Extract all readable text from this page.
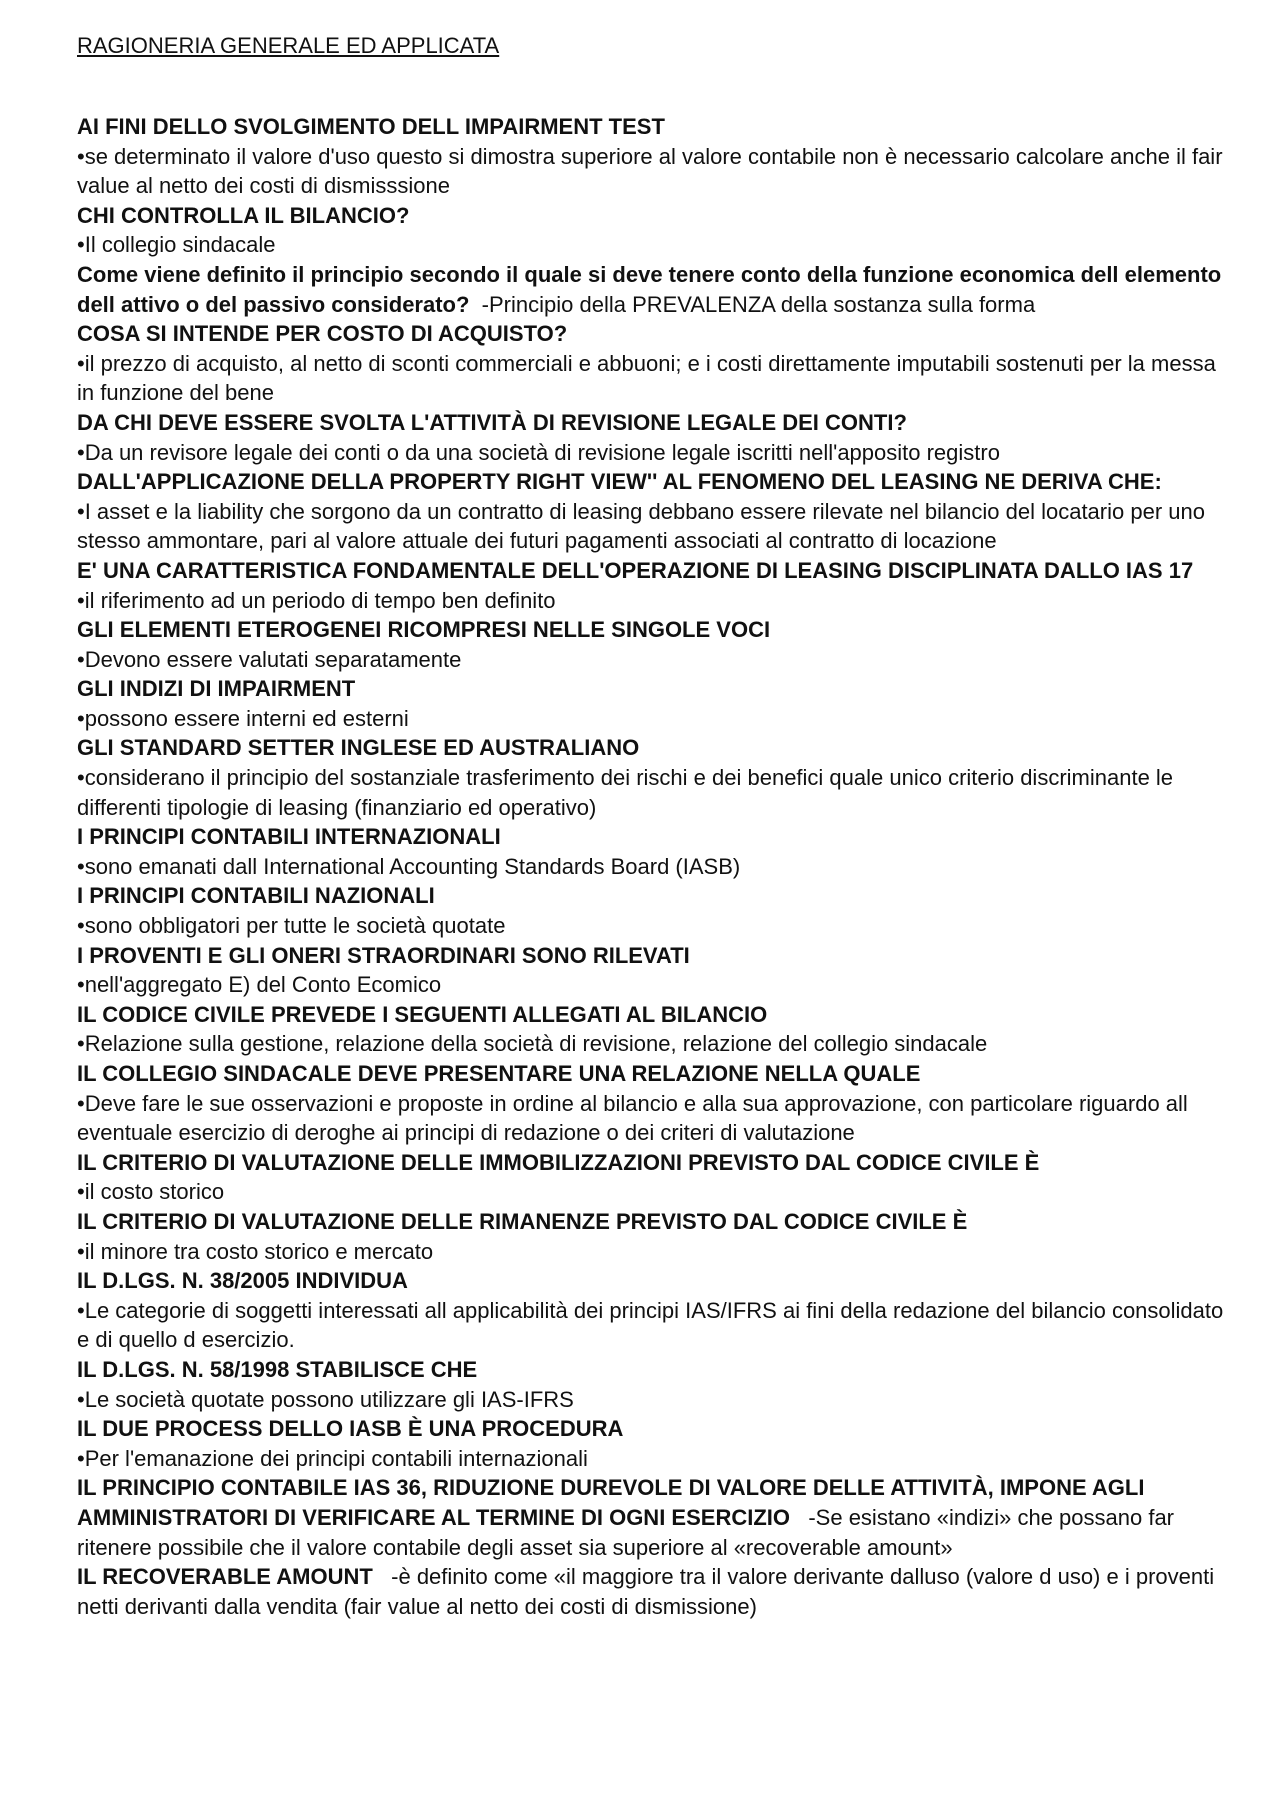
RAGIONERIA GENERALE ED APPLICATA

AI FINI DELLO SVOLGIMENTO DELL IMPAIRMENT TEST

•se determinato il valore d'uso questo si dimostra superiore al valore contabile non è necessario calcolare anche il fair value al netto dei costi di dismisssione

CHI CONTROLLA IL BILANCIO?

•Il collegio sindacale

Come viene definito il principio secondo il quale si deve tenere conto della funzione economica dell elemento dell attivo o del passivo considerato? -Principio della PREVALENZA della sostanza sulla forma

COSA SI INTENDE PER COSTO DI ACQUISTO?

•il prezzo di acquisto, al netto di sconti commerciali e abbuoni; e i costi direttamente imputabili sostenuti per la messa in funzione del bene

DA CHI DEVE ESSERE SVOLTA L'ATTIVITÀ DI REVISIONE LEGALE DEI CONTI?

•Da un revisore legale dei conti o da una società di revisione legale iscritti nell'apposito registro

DALL'APPLICAZIONE DELLA PROPERTY RIGHT VIEW'' AL FENOMENO DEL LEASING NE DERIVA CHE:

•I asset e la liability che sorgono da un contratto di leasing debbano essere rilevate nel bilancio del locatario per uno stesso ammontare, pari al valore attuale dei futuri pagamenti associati al contratto di locazione

E' UNA CARATTERISTICA FONDAMENTALE DELL'OPERAZIONE DI LEASING DISCIPLINATA DALLO IAS 17

•il riferimento ad un periodo di tempo ben definito

GLI ELEMENTI ETEROGENEI RICOMPRESI NELLE SINGOLE VOCI

•Devono essere valutati separatamente

GLI INDIZI DI IMPAIRMENT

•possono essere interni ed esterni

GLI STANDARD SETTER INGLESE ED AUSTRALIANO

•considerano il principio del sostanziale trasferimento dei rischi e dei benefici quale unico criterio discriminante le differenti tipologie di leasing (finanziario ed operativo)

I PRINCIPI CONTABILI INTERNAZIONALI

•sono emanati dall International Accounting Standards Board (IASB)

I PRINCIPI CONTABILI NAZIONALI

•sono obbligatori per tutte le società quotate

I PROVENTI E GLI ONERI STRAORDINARI SONO RILEVATI

•nell'aggregato E) del Conto Ecomico

IL CODICE CIVILE PREVEDE I SEGUENTI ALLEGATI AL BILANCIO

•Relazione sulla gestione, relazione della società di revisione, relazione del collegio sindacale

IL COLLEGIO SINDACALE DEVE PRESENTARE UNA RELAZIONE NELLA QUALE

•Deve fare le sue osservazioni e proposte in ordine al bilancio e alla sua approvazione, con particolare riguardo all eventuale esercizio di deroghe ai principi di redazione o dei criteri di valutazione

IL CRITERIO DI VALUTAZIONE DELLE IMMOBILIZZAZIONI PREVISTO DAL CODICE CIVILE È

•il costo storico

IL CRITERIO DI VALUTAZIONE DELLE RIMANENZE PREVISTO DAL CODICE CIVILE È

•il minore tra costo storico e mercato

IL D.LGS. N. 38/2005 INDIVIDUA

•Le categorie di soggetti interessati all applicabilità dei principi IAS/IFRS ai fini della redazione del bilancio consolidato e di quello d esercizio.

IL D.LGS. N. 58/1998 STABILISCE CHE

•Le società quotate possono utilizzare gli IAS-IFRS

IL DUE PROCESS DELLO IASB È UNA PROCEDURA

•Per l'emanazione dei principi contabili internazionali

IL PRINCIPIO CONTABILE IAS 36, RIDUZIONE DUREVOLE DI VALORE DELLE ATTIVITÀ, IMPONE AGLI AMMINISTRATORI DI VERIFICARE AL TERMINE DI OGNI ESERCIZIO -Se esistano «indizi» che possano far ritenere possibile che il valore contabile degli asset sia superiore al «recoverable amount»

IL RECOVERABLE AMOUNT -è definito come «il maggiore tra il valore derivante dalluso (valore d uso) e i proventi netti derivanti dalla vendita (fair value al netto dei costi di dismissione)
